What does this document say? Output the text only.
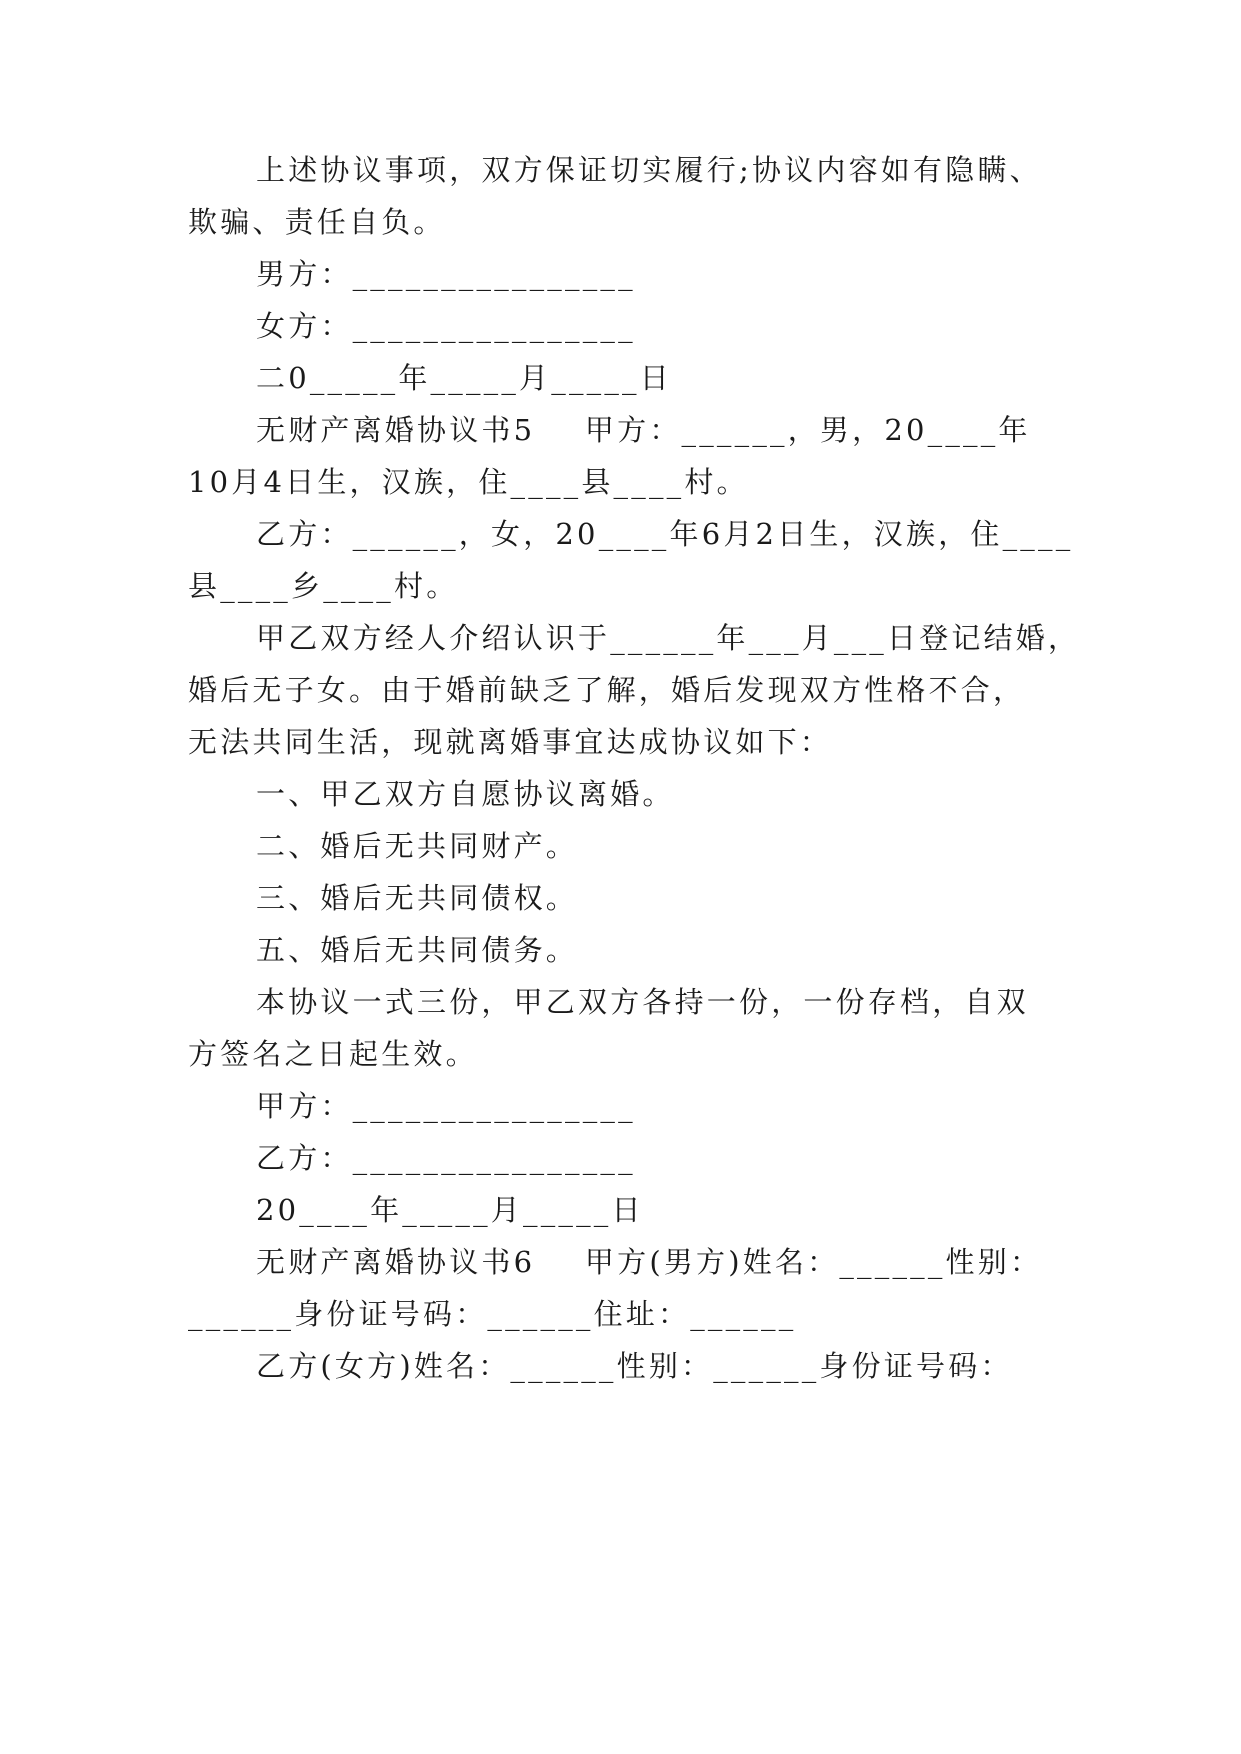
上述协议事项，双方保证切实履行;协议内容如有隐瞒、

欺骗、责任自负。

男方：________________

女方：________________

二0_____年_____月_____日

无财产离婚协议书5    甲方：______，男，20____年

10月4日生，汉族，住____县____村。

乙方：______，女，20____年6月2日生，汉族，住____

县____乡____村。

甲乙双方经人介绍认识于______年___月___日登记结婚，

婚后无子女。由于婚前缺乏了解，婚后发现双方性格不合，

无法共同生活，现就离婚事宜达成协议如下：

一、甲乙双方自愿协议离婚。

二、婚后无共同财产。

三、婚后无共同债权。

五、婚后无共同债务。

本协议一式三份，甲乙双方各持一份，一份存档，自双

方签名之日起生效。

甲方：________________

乙方：________________

20____年_____月_____日

无财产离婚协议书6    甲方(男方)姓名：______性别：

______身份证号码：______住址：______

乙方(女方)姓名：______性别：______身份证号码：
